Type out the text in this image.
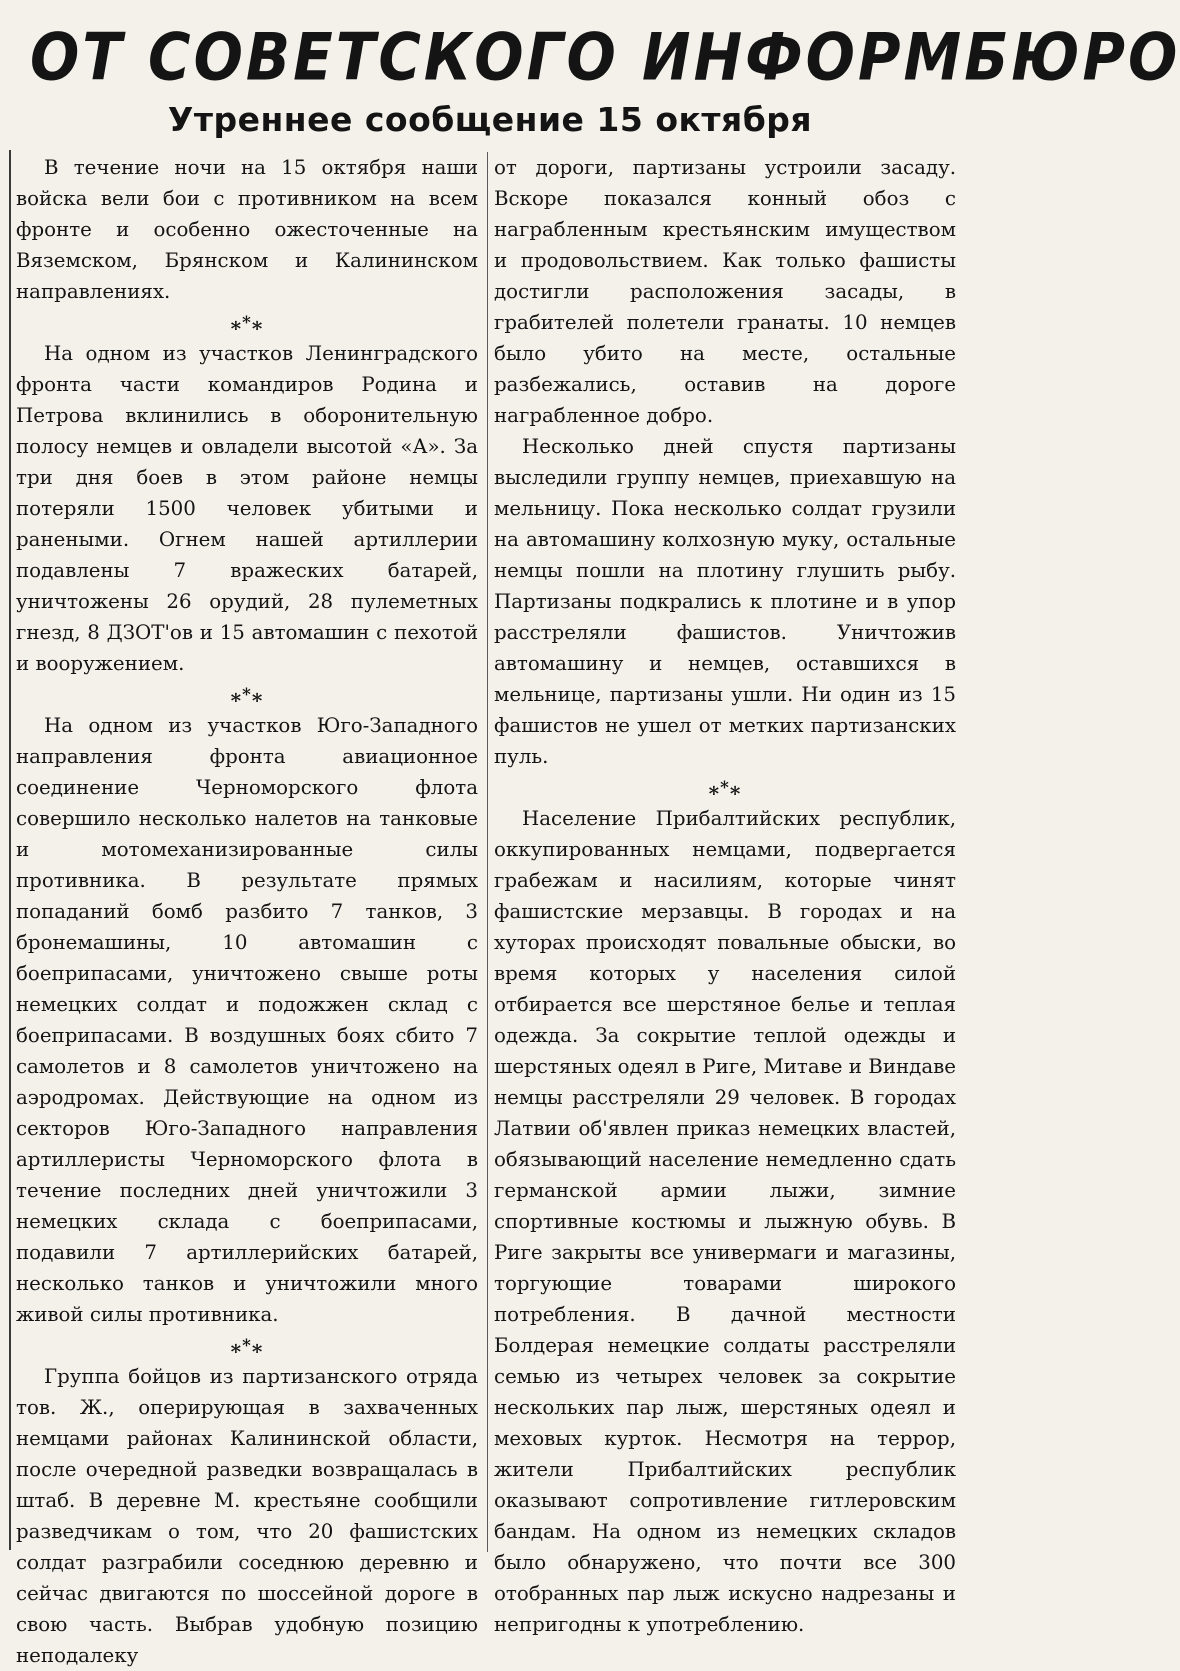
ОТ СОВЕТСКОГО ИНФОРМБЮРО
Утреннее сообщение 15 октября

В течение ночи на 15 октября наши войска вели бои с противником на всем фронте и особенно ожесточенные на Вяземском, Брянском и Калининском направлениях.

***

На одном из участков Ленинградского фронта части командиров Родина и Петрова вклинились в оборонительную полосу немцев и овладели высотой «А». За три дня боев в этом районе немцы потеряли 1500 человек убитыми и ранеными. Огнем нашей артиллерии подавлены 7 вражеских батарей, уничтожены 26 орудий, 28 пулеметных гнезд, 8 ДЗОТ'ов и 15 автомашин с пехотой и вооружением.

***

На одном из участков Юго-Западного направления фронта авиационное соединение Черноморского флота совершило несколько налетов на танковые и мотомеханизированные силы противника. В результате прямых попаданий бомб разбито 7 танков, 3 бронемашины, 10 автомашин с боеприпасами, уничтожено свыше роты немецких солдат и подожжен склад с боеприпасами. В воздушных боях сбито 7 самолетов и 8 самолетов уничтожено на аэродромах. Действующие на одном из секторов Юго-Западного направления артиллеристы Черноморского флота в течение последних дней уничтожили 3 немецких склада с боеприпасами, подавили 7 артиллерийских батарей, несколько танков и уничтожили много живой силы противника.

***

Группа бойцов из партизанского отряда тов. Ж., оперирующая в захваченных немцами районах Калининской области, после очередной разведки возвращалась в штаб. В деревне М. крестьяне сообщили разведчикам о том, что 20 фашистских солдат разграбили соседнюю деревню и сейчас двигаются по шоссейной дороге в свою часть. Выбрав удобную позицию неподалеку

от дороги, партизаны устроили засаду. Вскоре показался конный обоз с награбленным крестьянским имуществом и продовольствием. Как только фашисты достигли расположения засады, в грабителей полетели гранаты. 10 немцев было убито на месте, остальные разбежались, оставив на дороге награбленное добро.

Несколько дней спустя партизаны выследили группу немцев, приехавшую на мельницу. Пока несколько солдат грузили на автомашину колхозную муку, остальные немцы пошли на плотину глушить рыбу. Партизаны подкрались к плотине и в упор расстреляли фашистов. Уничтожив автомашину и немцев, оставшихся в мельнице, партизаны ушли. Ни один из 15 фашистов не ушел от метких партизанских пуль.

***

Население Прибалтийских республик, оккупированных немцами, подвергается грабежам и насилиям, которые чинят фашистские мерзавцы. В городах и на хуторах происходят повальные обыски, во время которых у населения силой отбирается все шерстяное белье и теплая одежда. За сокрытие теплой одежды и шерстяных одеял в Риге, Митаве и Виндаве немцы расстреляли 29 человек. В городах Латвии об'явлен приказ немецких властей, обязывающий население немедленно сдать германской армии лыжи, зимние спортивные костюмы и лыжную обувь. В Риге закрыты все универмаги и магазины, торгующие товарами широкого потребления. В дачной местности Болдерая немецкие солдаты расстреляли семью из четырех человек за сокрытие нескольких пар лыж, шерстяных одеял и меховых курток. Несмотря на террор, жители Прибалтийских республик оказывают сопротивление гитлеровским бандам. На одном из немецких складов было обнаружено, что почти все 300 отобранных пар лыж искусно надрезаны и непригодны к употреблению.
